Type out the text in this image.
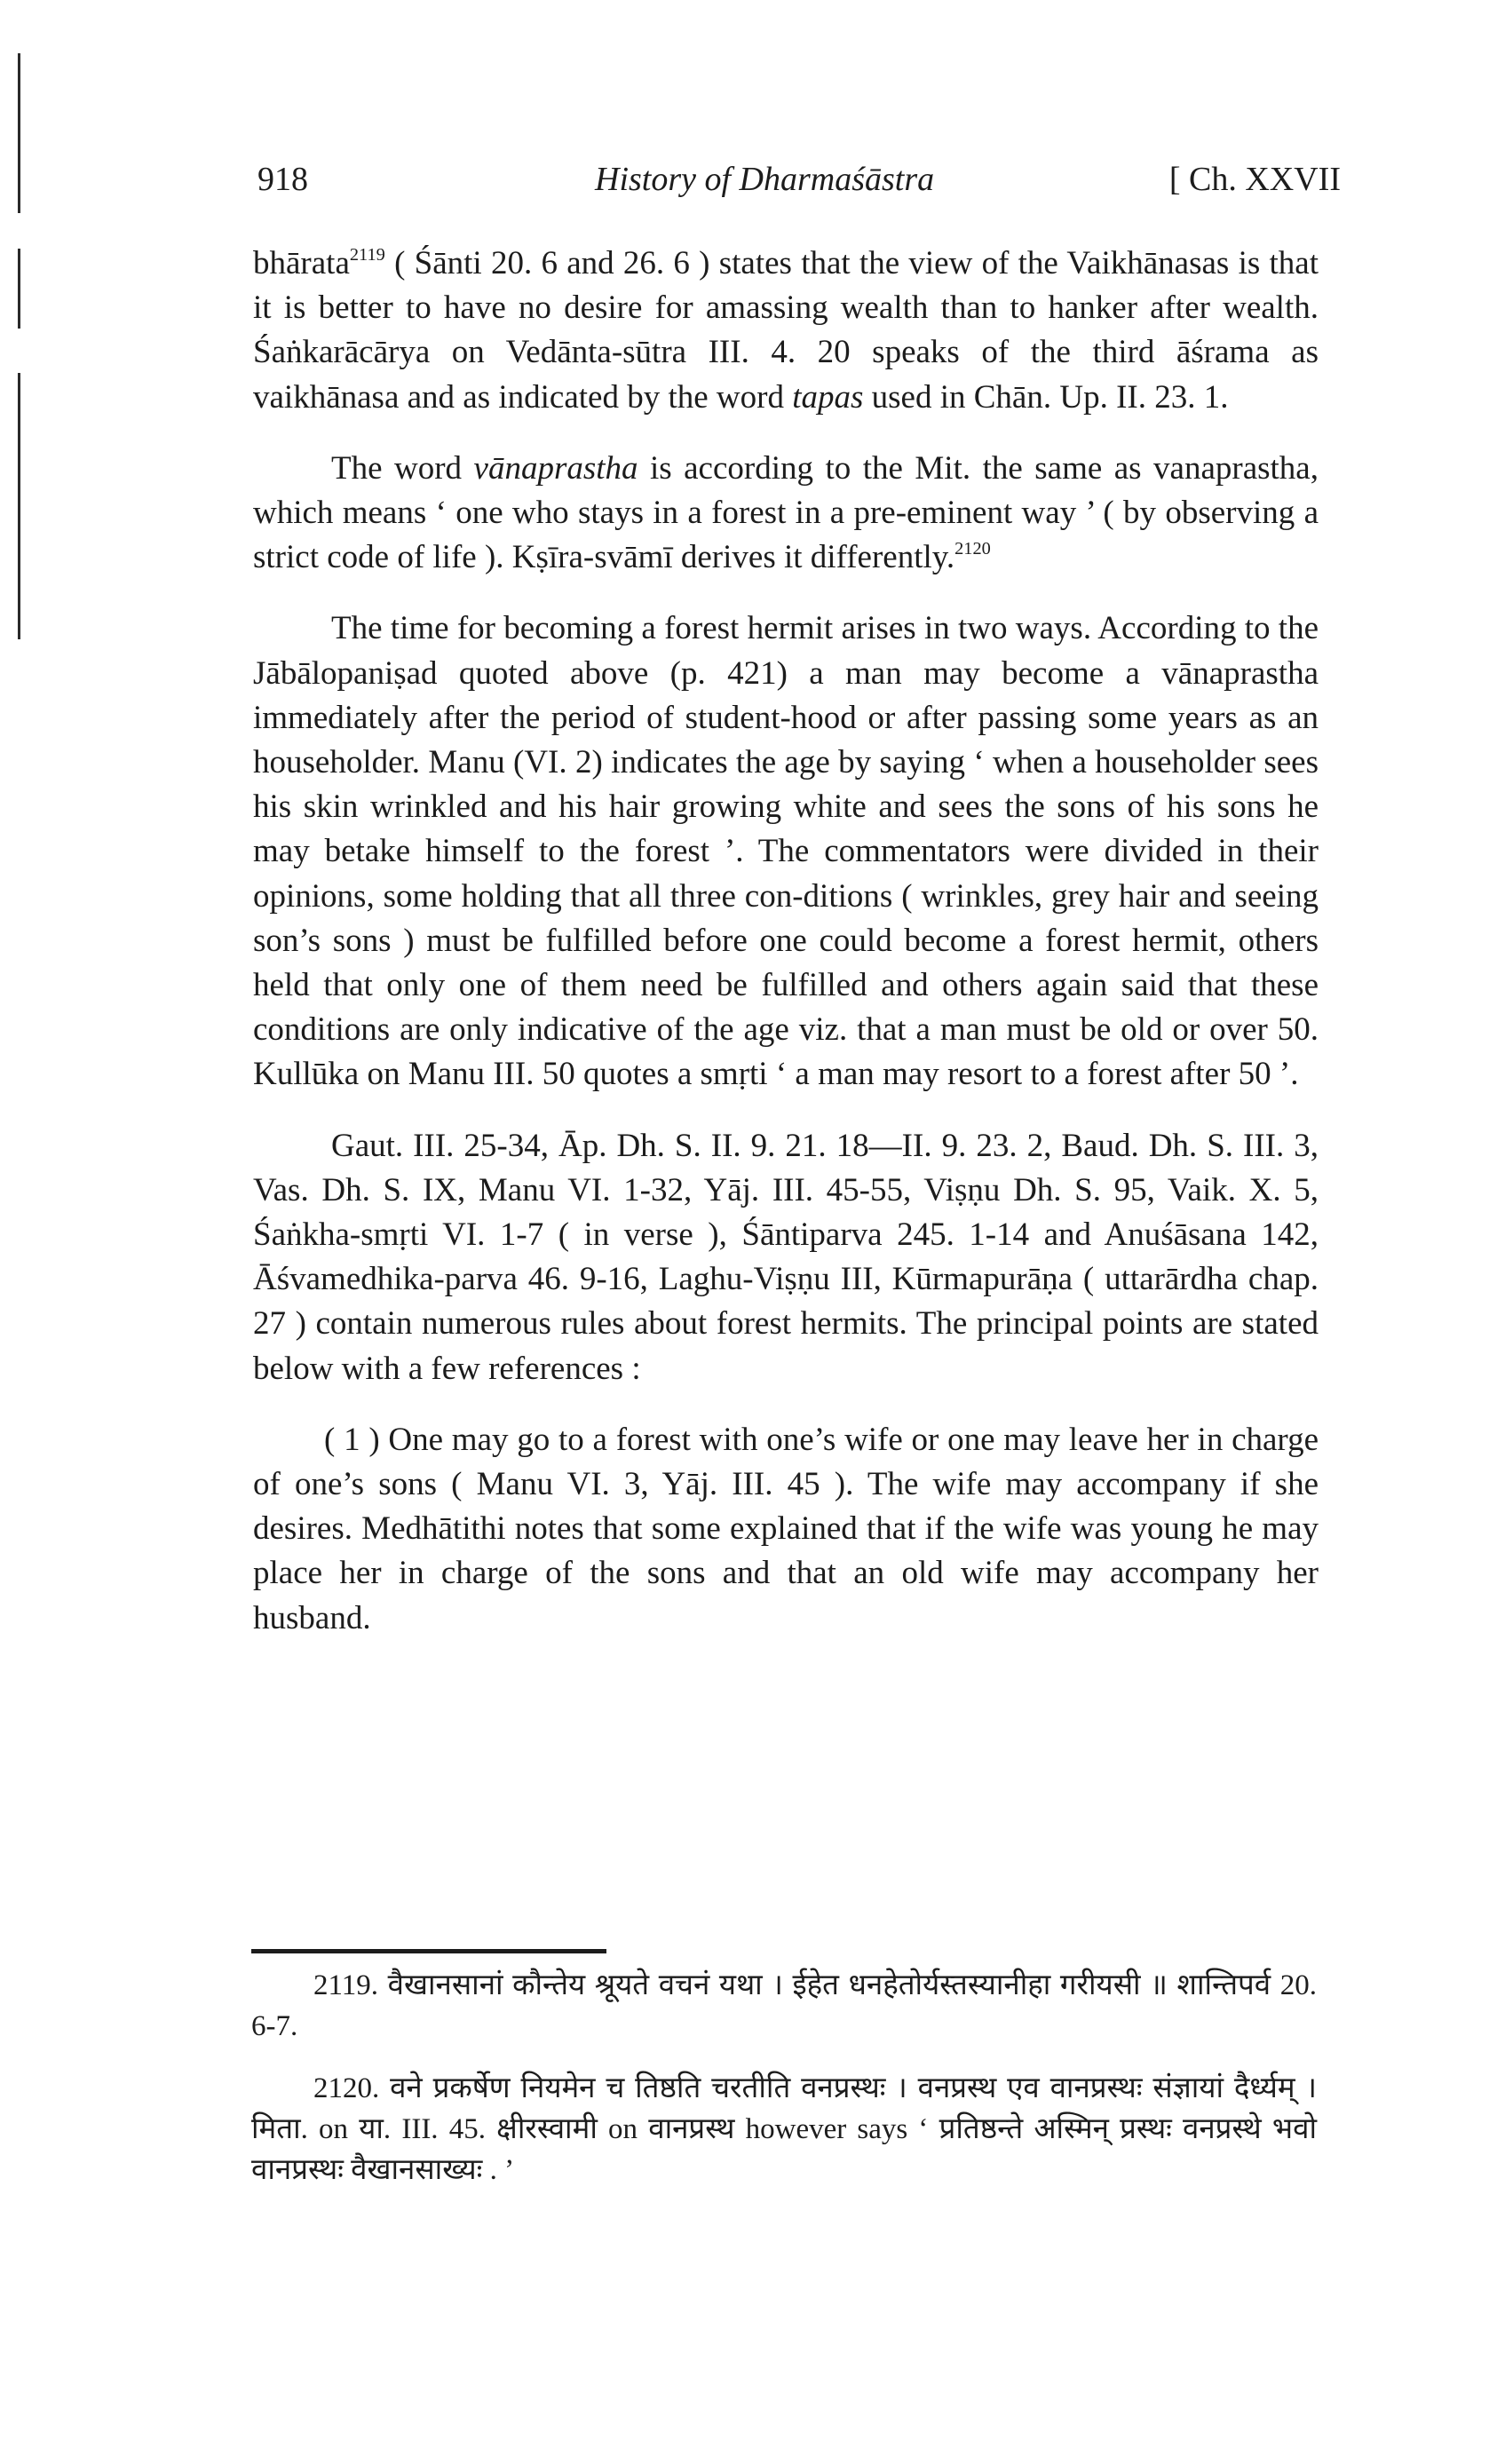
918	History of Dharmaśāstra	[ Ch. XXVII

bhārata$^{2119}$ ( Śānti 20. 6 and 26. 6 ) states that the view of the Vaikhānasas is that it is better to have no desire for amassing wealth than to hanker after wealth. Śaṅkarācārya on Vedānta-sūtra III. 4. 20 speaks of the third āśrama as vaikhānasa and as indicated by the word tapas used in Chān. Up. II. 23. 1.

The word vānaprastha is according to the Mit. the same as vanaprastha, which means ‘ one who stays in a forest in a pre-eminent way ’ ( by observing a strict code of life ). Kṣīra-svāmī derives it differently.$^{2120}$

The time for becoming a forest hermit arises in two ways. According to the Jābālopaniṣad quoted above (p. 421) a man may become a vānaprastha immediately after the period of student-hood or after passing some years as an householder. Manu (VI. 2) indicates the age by saying ‘ when a householder sees his skin wrinkled and his hair growing white and sees the sons of his sons he may betake himself to the forest ’. The commentators were divided in their opinions, some holding that all three con-ditions ( wrinkles, grey hair and seeing son’s sons ) must be fulfilled before one could become a forest hermit, others held that only one of them need be fulfilled and others again said that these conditions are only indicative of the age viz. that a man must be old or over 50. Kullūka on Manu III. 50 quotes a smṛti ‘ a man may resort to a forest after 50 ’.

Gaut. III. 25-34, Āp. Dh. S. II. 9. 21. 18—II. 9. 23. 2, Baud. Dh. S. III. 3, Vas. Dh. S. IX, Manu VI. 1-32, Yāj. III. 45-55, Viṣṇu Dh. S. 95, Vaik. X. 5, Śaṅkha-smṛti VI. 1-7 ( in verse ), Śāntiparva 245. 1-14 and Anuśāsana 142, Āśvamedhika-parva 46. 9-16, Laghu-Viṣṇu III, Kūrmapurāṇa ( uttarārdha chap. 27 ) contain numerous rules about forest hermits. The principal points are stated below with a few references :

( 1 ) One may go to a forest with one’s wife or one may leave her in charge of one’s sons ( Manu VI. 3, Yāj. III. 45 ). The wife may accompany if she desires. Medhātithi notes that some explained that if the wife was young he may place her in charge of the sons and that an old wife may accompany her husband.

2119. वैखानसानां कौन्तेय श्रूयते वचनं यथा । ईहेत धनहेतोर्यस्तस्यानीहा गरीयसी ॥ शान्तिपर्व 20. 6-7.

2120. वने प्रकर्षेण नियमेन च तिष्ठति चरतीति वनप्रस्थः । वनप्रस्थ एव वानप्रस्थः संज्ञायां दैर्ध्यम् । मिता. on या. III. 45. क्षीरस्वामी on वानप्रस्थ however says ‘ प्रतिष्ठन्ते अस्मिन् प्रस्थः वनप्रस्थे भवो वानप्रस्थः वैखानसाख्यः . ’
